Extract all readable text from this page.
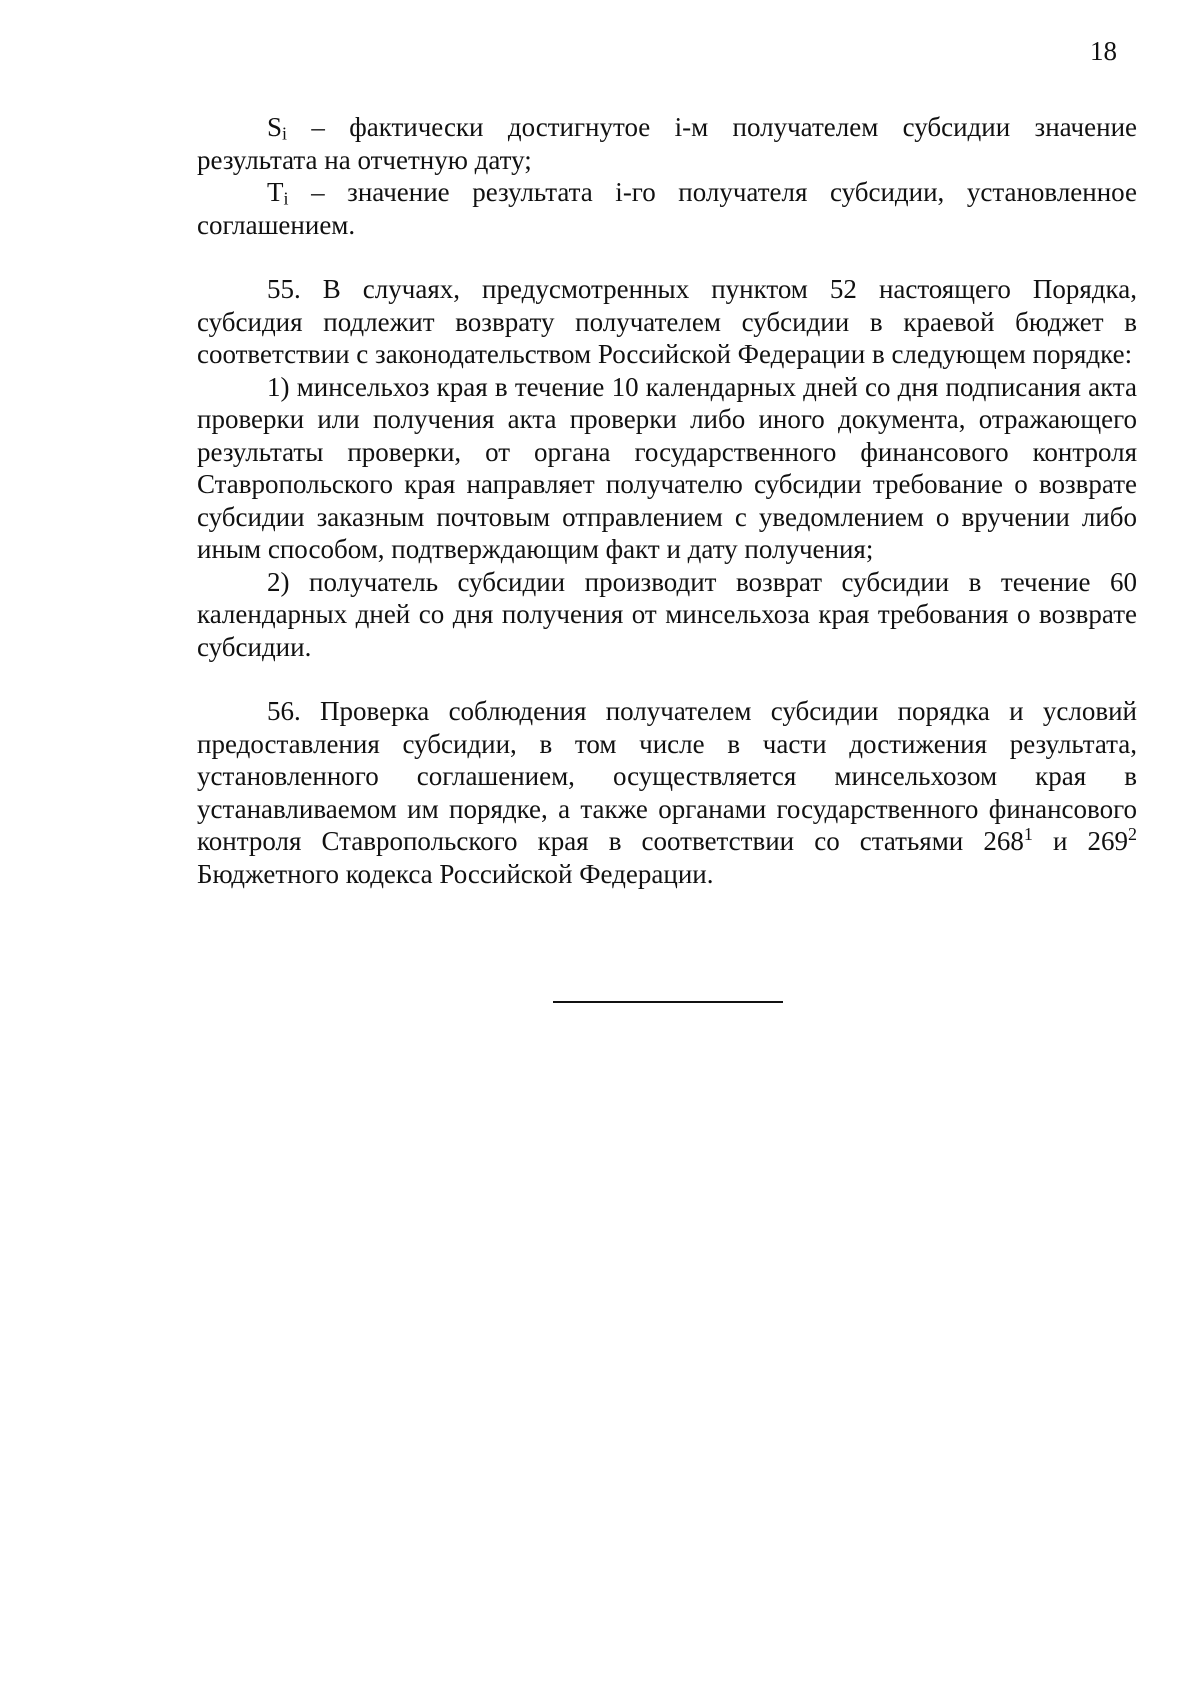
18

$S_i$ – фактически достигнутое i-м получателем субсидии значение результата на отчетную дату;

$T_i$ – значение результата i-го получателя субсидии, установленное соглашением.

55. В случаях, предусмотренных пунктом 52 настоящего Порядка, субсидия подлежит возврату получателем субсидии в краевой бюджет в соответствии с законодательством Российской Федерации в следующем порядке:

1) минсельхоз края в течение 10 календарных дней со дня подписания акта проверки или получения акта проверки либо иного документа, отражающего результаты проверки, от органа государственного финансового контроля Ставропольского края направляет получателю субсидии требование о возврате субсидии заказным почтовым отправлением с уведомлением о вручении либо иным способом, подтверждающим факт и дату получения;

2) получатель субсидии производит возврат субсидии в течение 60 календарных дней со дня получения от минсельхоза края требования о возврате субсидии.

56. Проверка соблюдения получателем субсидии порядка и условий предоставления субсидии, в том числе в части достижения результата, установленного соглашением, осуществляется минсельхозом края в устанавливаемом им порядке, а также органами государственного финансового контроля Ставропольского края в соответствии со статьями $268^1$ и $269^2$ Бюджетного кодекса Российской Федерации.
